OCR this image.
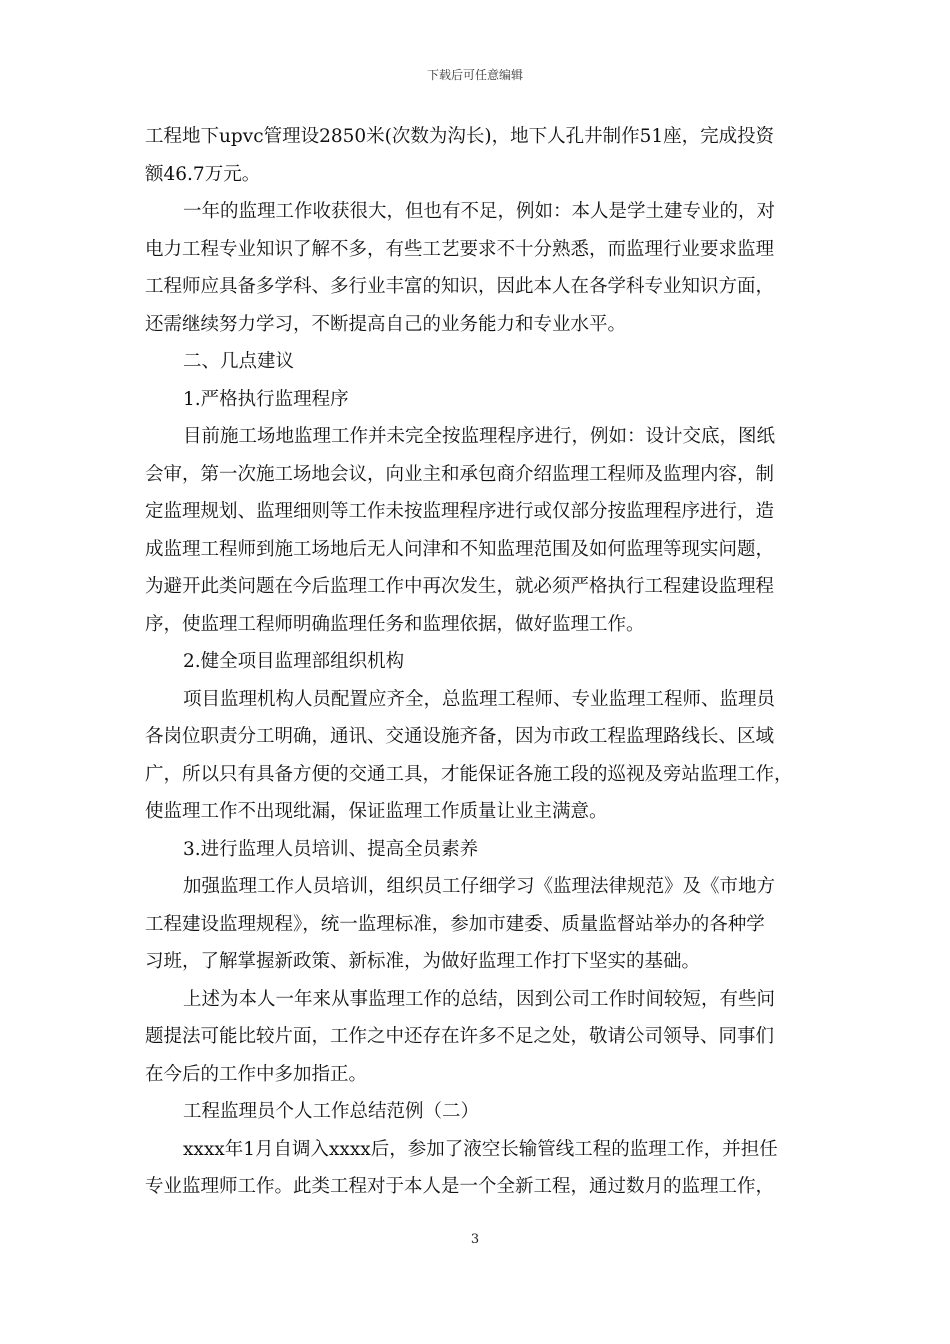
下载后可任意编辑
工程地下upvc管理设2850米(次数为沟长)，地下人孔井制作51座，完成投资
额46.7万元。
一年的监理工作收获很大，但也有不足，例如：本人是学土建专业的，对
电力工程专业知识了解不多，有些工艺要求不十分熟悉，而监理行业要求监理
工程师应具备多学科、多行业丰富的知识，因此本人在各学科专业知识方面，
还需继续努力学习，不断提高自己的业务能力和专业水平。
二、几点建议
1.严格执行监理程序
目前施工场地监理工作并未完全按监理程序进行，例如：设计交底，图纸
会审，第一次施工场地会议，向业主和承包商介绍监理工程师及监理内容，制
定监理规划、监理细则等工作未按监理程序进行或仅部分按监理程序进行，造
成监理工程师到施工场地后无人问津和不知监理范围及如何监理等现实问题，
为避开此类问题在今后监理工作中再次发生，就必须严格执行工程建设监理程
序，使监理工程师明确监理任务和监理依据，做好监理工作。
2.健全项目监理部组织机构
项目监理机构人员配置应齐全，总监理工程师、专业监理工程师、监理员
各岗位职责分工明确，通讯、交通设施齐备，因为市政工程监理路线长、区域
广，所以只有具备方便的交通工具，才能保证各施工段的巡视及旁站监理工作，
使监理工作不出现纰漏，保证监理工作质量让业主满意。
3.进行监理人员培训、提高全员素养
加强监理工作人员培训，组织员工仔细学习《监理法律规范》及《市地方
工程建设监理规程》，统一监理标准，参加市建委、质量监督站举办的各种学
习班，了解掌握新政策、新标准，为做好监理工作打下坚实的基础。
上述为本人一年来从事监理工作的总结，因到公司工作时间较短，有些问
题提法可能比较片面，工作之中还存在许多不足之处，敬请公司领导、同事们
在今后的工作中多加指正。
工程监理员个人工作总结范例（二）
xxxx年1月自调入xxxx后，参加了液空长输管线工程的监理工作，并担任
专业监理师工作。此类工程对于本人是一个全新工程，通过数月的监理工作，
3
